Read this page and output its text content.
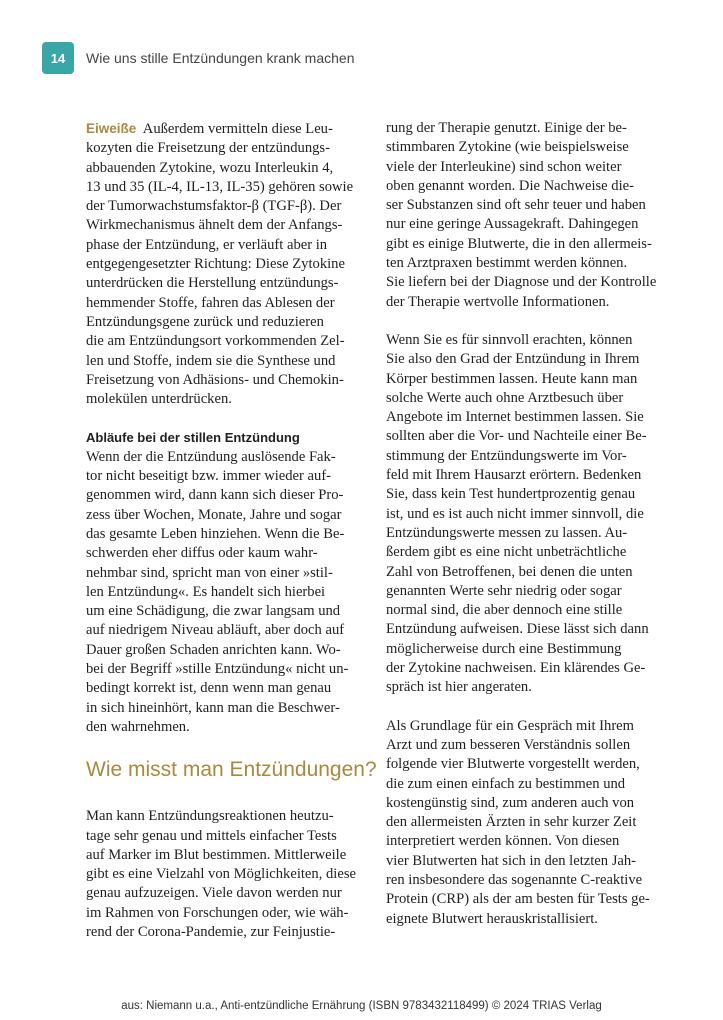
14	Wie uns stille Entzündungen krank machen
Eiweiße Außerdem vermitteln diese Leu-
kozyten die Freisetzung der entzündungs-
abbauenden Zytokine, wozu Interleukin 4,
13 und 35 (IL-4, IL-13, IL-35) gehören sowie
der Tumorwachstumsfaktor-β (TGF-β). Der
Wirkmechanismus ähnelt dem der Anfangs-
phase der Entzündung, er verläuft aber in
entgegengesetzter Richtung: Diese Zytokine
unterdrücken die Herstellung entzündungs-
hemmender Stoffe, fahren das Ablesen der
Entzündungsgene zurück und reduzieren
die am Entzündungsort vorkommenden Zel-
len und Stoffe, indem sie die Synthese und
Freisetzung von Adhäsions- und Chemokin-
molekülen unterdrücken.
Abläufe bei der stillen Entzündung
Wenn der die Entzündung auslösende Fak-
tor nicht beseitigt bzw. immer wieder auf-
genommen wird, dann kann sich dieser Pro-
zess über Wochen, Monate, Jahre und sogar
das gesamte Leben hinziehen. Wenn die Be-
schwerden eher diffus oder kaum wahr-
nehmbar sind, spricht man von einer »stil-
len Entzündung«. Es handelt sich hierbei
um eine Schädigung, die zwar langsam und
auf niedrigem Niveau abläuft, aber doch auf
Dauer großen Schaden anrichten kann. Wo-
bei der Begriff »stille Entzündung« nicht un-
bedingt korrekt ist, denn wenn man genau
in sich hineinhört, kann man die Beschwer-
den wahrnehmen.
Wie misst man Entzündungen?
Man kann Entzündungsreaktionen heutzu-
tage sehr genau und mittels einfacher Tests
auf Marker im Blut bestimmen. Mittlerweile
gibt es eine Vielzahl von Möglichkeiten, diese
genau aufzuzeigen. Viele davon werden nur
im Rahmen von Forschungen oder, wie wäh-
rend der Corona-Pandemie, zur Feinjustie-
rung der Therapie genutzt. Einige der be-
stimmbaren Zytokine (wie beispielsweise
viele der Interleukine) sind schon weiter
oben genannt worden. Die Nachweise die-
ser Substanzen sind oft sehr teuer und haben
nur eine geringe Aussagekraft. Dahingegen
gibt es einige Blutwerte, die in den allermeis-
ten Arztpraxen bestimmt werden können.
Sie liefern bei der Diagnose und der Kontrolle
der Therapie wertvolle Informationen.
Wenn Sie es für sinnvoll erachten, können
Sie also den Grad der Entzündung in Ihrem
Körper bestimmen lassen. Heute kann man
solche Werte auch ohne Arztbesuch über
Angebote im Internet bestimmen lassen. Sie
sollten aber die Vor- und Nachteile einer Be-
stimmung der Entzündungswerte im Vor-
feld mit Ihrem Hausarzt erörtern. Bedenken
Sie, dass kein Test hundertprozentig genau
ist, und es ist auch nicht immer sinnvoll, die
Entzündungswerte messen zu lassen. Au-
ßerdem gibt es eine nicht unbeträchtliche
Zahl von Betroffenen, bei denen die unten
genannten Werte sehr niedrig oder sogar
normal sind, die aber dennoch eine stille
Entzündung aufweisen. Diese lässt sich dann
möglicherweise durch eine Bestimmung
der Zytokine nachweisen. Ein klärendes Ge-
spräch ist hier angeraten.
Als Grundlage für ein Gespräch mit Ihrem
Arzt und zum besseren Verständnis sollen
folgende vier Blutwerte vorgestellt werden,
die zum einen einfach zu bestimmen und
kostengünstig sind, zum anderen auch von
den allermeisten Ärzten in sehr kurzer Zeit
interpretiert werden können. Von diesen
vier Blutwerten hat sich in den letzten Jah-
ren insbesondere das sogenannte C-reaktive
Protein (CRP) als der am besten für Tests ge-
eignete Blutwert herauskristallisiert.
aus: Niemann u.a., Anti-entzündliche Ernährung (ISBN 9783432118499) © 2024 TRIAS Verlag
